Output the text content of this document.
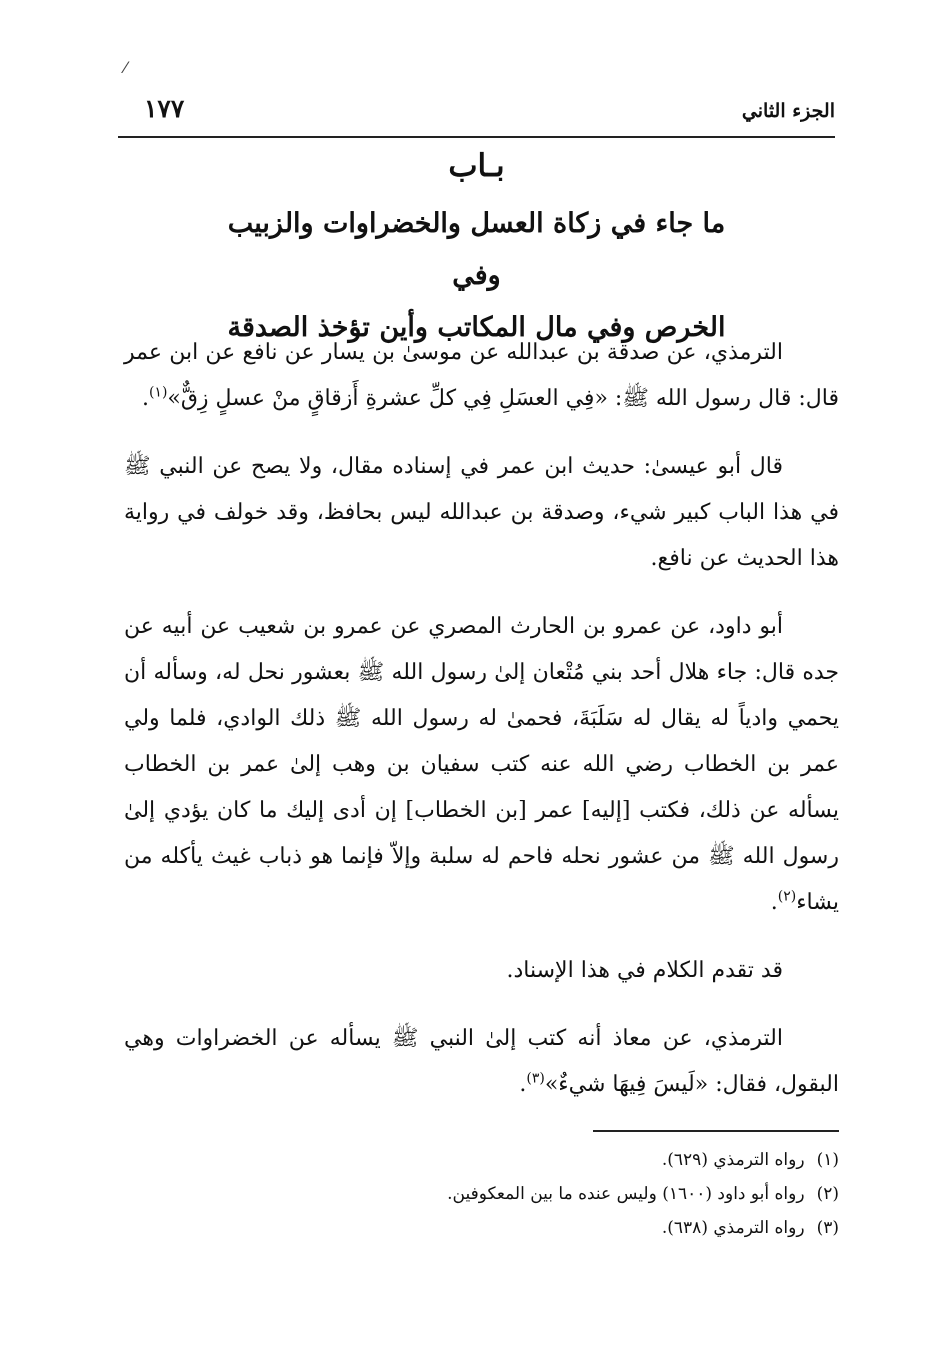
⁄
الجزء الثاني
١٧٧
بـاب
ما جاء في زكاة العسل والخضراوات والزبيب وفي
الخرص وفي مال المكاتب وأين تؤخذ الصدقة

الترمذي، عن صدقة بن عبدالله عن موسىٰ بن يسار عن نافع عن ابن عمر قال: قال رسول الله ﷺ: «فِي العسَلِ فِي كلِّ عشرةِ أَزقاقٍ منْ عسلٍ زِقٌّ»$^{(١)}$.

قال أبو عيسىٰ: حديث ابن عمر في إسناده مقال، ولا يصح عن النبي ﷺ في هذا الباب كبير شيء، وصدقة بن عبدالله ليس بحافظ، وقد خولف في رواية هذا الحديث عن نافع.

أبو داود، عن عمرو بن الحارث المصري عن عمرو بن شعيب عن أبيه عن جده قال: جاء هلال أحد بني مُتْعان إلىٰ رسول الله ﷺ بعشور نحل له، وسأله أن يحمي وادياً له يقال له سَلَبَةَ، فحمىٰ له رسول الله ﷺ ذلك الوادي، فلما ولي عمر بن الخطاب رضي الله عنه كتب سفيان بن وهب إلىٰ عمر بن الخطاب يسأله عن ذلك، فكتب [إليه] عمر [بن الخطاب] إن أدى إليك ما كان يؤدي إلىٰ رسول الله ﷺ من عشور نحله فاحم له سلبة وإلاّ فإنما هو ذباب غيث يأكله من يشاء$^{(٢)}$.

قد تقدم الكلام في هذا الإسناد.

الترمذي، عن معاذ أنه كتب إلىٰ النبي ﷺ يسأله عن الخضراوات وهي البقول، فقال: «لَيسَ فِيهَا شيءٌ»$^{(٣)}$.

(١)رواه الترمذي (٦٢٩).
(٢)رواه أبو داود (١٦٠٠) وليس عنده ما بين المعكوفين.
(٣)رواه الترمذي (٦٣٨).
